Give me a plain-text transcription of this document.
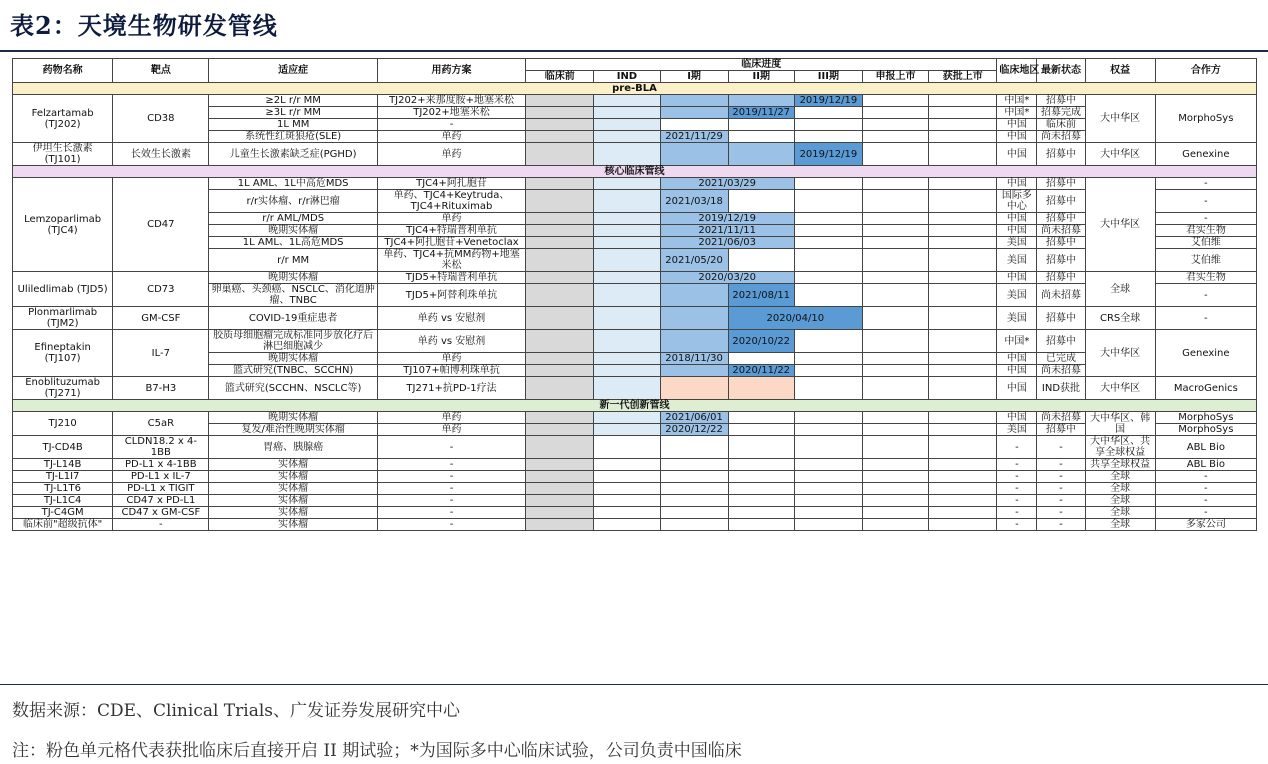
表2：天境生物研发管线
药物名称	靶点	适应症	用药方案	临床进度							临床地区	最新状态	权益	合作方
				临床前	IND	I期	II期	III期	申报上市	获批上市				
pre-BLA														
Felzartamab (TJ202)	CD38	≥2L r/r MM	TJ202+来那度胺+地塞米松					2019/12/19			中国*	招募中	大中华区	MorphoSys
		≥3L r/r MM	TJ202+地塞米松				2019/11/27				中国*	招募完成		
		1L MM	-								中国	临床前		
		系统性红斑狼疮(SLE)	单药			2021/11/29					中国	尚未招募		
伊坦生长激素 (TJ101)	长效生长激素	儿童生长激素缺乏症(PGHD)	单药					2019/12/19			中国	招募中	大中华区	Genexine
核心临床管线														
Lemzoparlimab (TJC4)	CD47	1L AML、1L中高危MDS	TJC4+阿扎胞苷			2021/03/29					中国	招募中	大中华区	-
		r/r实体瘤、r/r淋巴瘤	单药、TJC4+Keytruda、TJC4+Rituximab			2021/03/18					国际多中心	招募中		-
		r/r AML/MDS	单药			2019/12/19					中国	招募中		-
		晚期实体瘤	TJC4+特瑞普利单抗			2021/11/11					中国	尚未招募		君实生物
		1L AML、1L高危MDS	TJC4+阿扎胞苷+Venetoclax			2021/06/03					美国	招募中		艾伯维
		r/r MM	单药、TJC4+抗MM药物+地塞米松			2021/05/20					美国	招募中		艾伯维
Uliledlimab (TJD5)	CD73	晚期实体瘤	TJD5+特瑞普利单抗			2020/03/20					中国	招募中	全球	君实生物
		卵巢癌、头颈癌、NSCLC、消化道肿瘤、TNBC	TJD5+阿替利珠单抗				2021/08/11				美国	尚未招募		-
Plonmarlimab (TJM2)	GM-CSF	COVID-19重症患者	单药 vs 安慰剂				2020/04/10				美国	招募中	CRS全球	-
Efineptakin (TJ107)	IL-7	胶质母细胞瘤完成标准同步放化疗后淋巴细胞减少	单药 vs 安慰剂				2020/10/22				中国*	招募中	大中华区	Genexine
		晚期实体瘤	单药			2018/11/30					中国	已完成		
		篮式研究(TNBC、SCCHN)	TJ107+帕博利珠单抗				2020/11/22				中国	尚未招募		
Enoblituzumab (TJ271)	B7-H3	篮式研究(SCCHN、NSCLC等)	TJ271+抗PD-1疗法								中国	IND获批	大中华区	MacroGenics
新一代创新管线														
TJ210	C5aR	晚期实体瘤	单药			2021/06/01					中国	尚未招募	大中华区、韩国	MorphoSys
		复发/难治性晚期实体瘤	单药			2020/12/22					美国	招募中		MorphoSys
TJ-CD4B	CLDN18.2 x 4-1BB	胃癌、胰腺癌	-								-	-	大中华区、共享全球权益	ABL Bio
TJ-L14B	PD-L1 x 4-1BB	实体瘤	-								-	-	共享全球权益	ABL Bio
TJ-L1I7	PD-L1 x IL-7	实体瘤	-								-	-	全球	-
TJ-L1T6	PD-L1 x TIGIT	实体瘤	-								-	-	全球	-
TJ-L1C4	CD47 x PD-L1	实体瘤	-								-	-	全球	-
TJ-C4GM	CD47 x GM-CSF	实体瘤	-								-	-	全球	-
临床前"超级抗体"	-	实体瘤	-								-	-	全球	多家公司
数据来源：CDE、Clinical Trials、广发证券发展研究中心
注：粉色单元格代表获批临床后直接开启 II 期试验；*为国际多中心临床试验，公司负责中国临床
